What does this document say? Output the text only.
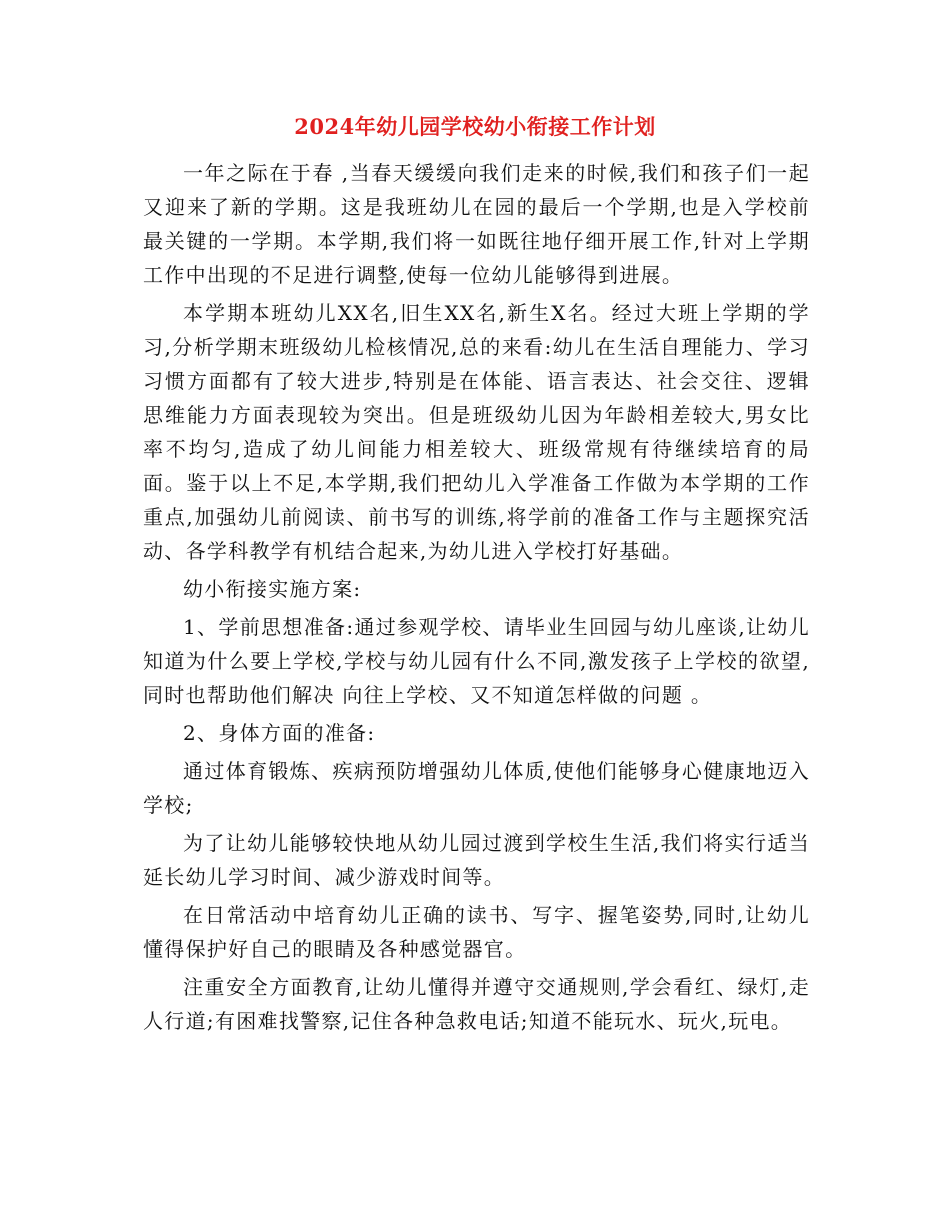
2024年幼儿园学校幼小衔接工作计划

一年之际在于春 ,当春天缓缓向我们走来的时候,我们和孩子们一起又迎来了新的学期。这是我班幼儿在园的最后一个学期,也是入学校前最关键的一学期。本学期,我们将一如既往地仔细开展工作,针对上学期工作中出现的不足进行调整,使每一位幼儿能够得到进展。

本学期本班幼儿XX名,旧生XX名,新生X名。经过大班上学期的学习,分析学期末班级幼儿检核情况,总的来看:幼儿在生活自理能力、学习习惯方面都有了较大进步,特别是在体能、语言表达、社会交往、逻辑思维能力方面表现较为突出。但是班级幼儿因为年龄相差较大,男女比率不均匀,造成了幼儿间能力相差较大、班级常规有待继续培育的局面。鉴于以上不足,本学期,我们把幼儿入学准备工作做为本学期的工作重点,加强幼儿前阅读、前书写的训练,将学前的准备工作与主题探究活动、各学科教学有机结合起来,为幼儿进入学校打好基础。

幼小衔接实施方案:

1、学前思想准备:通过参观学校、请毕业生回园与幼儿座谈,让幼儿知道为什么要上学校,学校与幼儿园有什么不同,激发孩子上学校的欲望,同时也帮助他们解决 向往上学校、又不知道怎样做的问题 。

2、身体方面的准备:

通过体育锻炼、疾病预防增强幼儿体质,使他们能够身心健康地迈入学校;

为了让幼儿能够较快地从幼儿园过渡到学校生生活,我们将实行适当延长幼儿学习时间、减少游戏时间等。

在日常活动中培育幼儿正确的读书、写字、握笔姿势,同时,让幼儿懂得保护好自己的眼睛及各种感觉器官。

注重安全方面教育,让幼儿懂得并遵守交通规则,学会看红、绿灯,走人行道;有困难找警察,记住各种急救电话;知道不能玩水、玩火,玩电。
